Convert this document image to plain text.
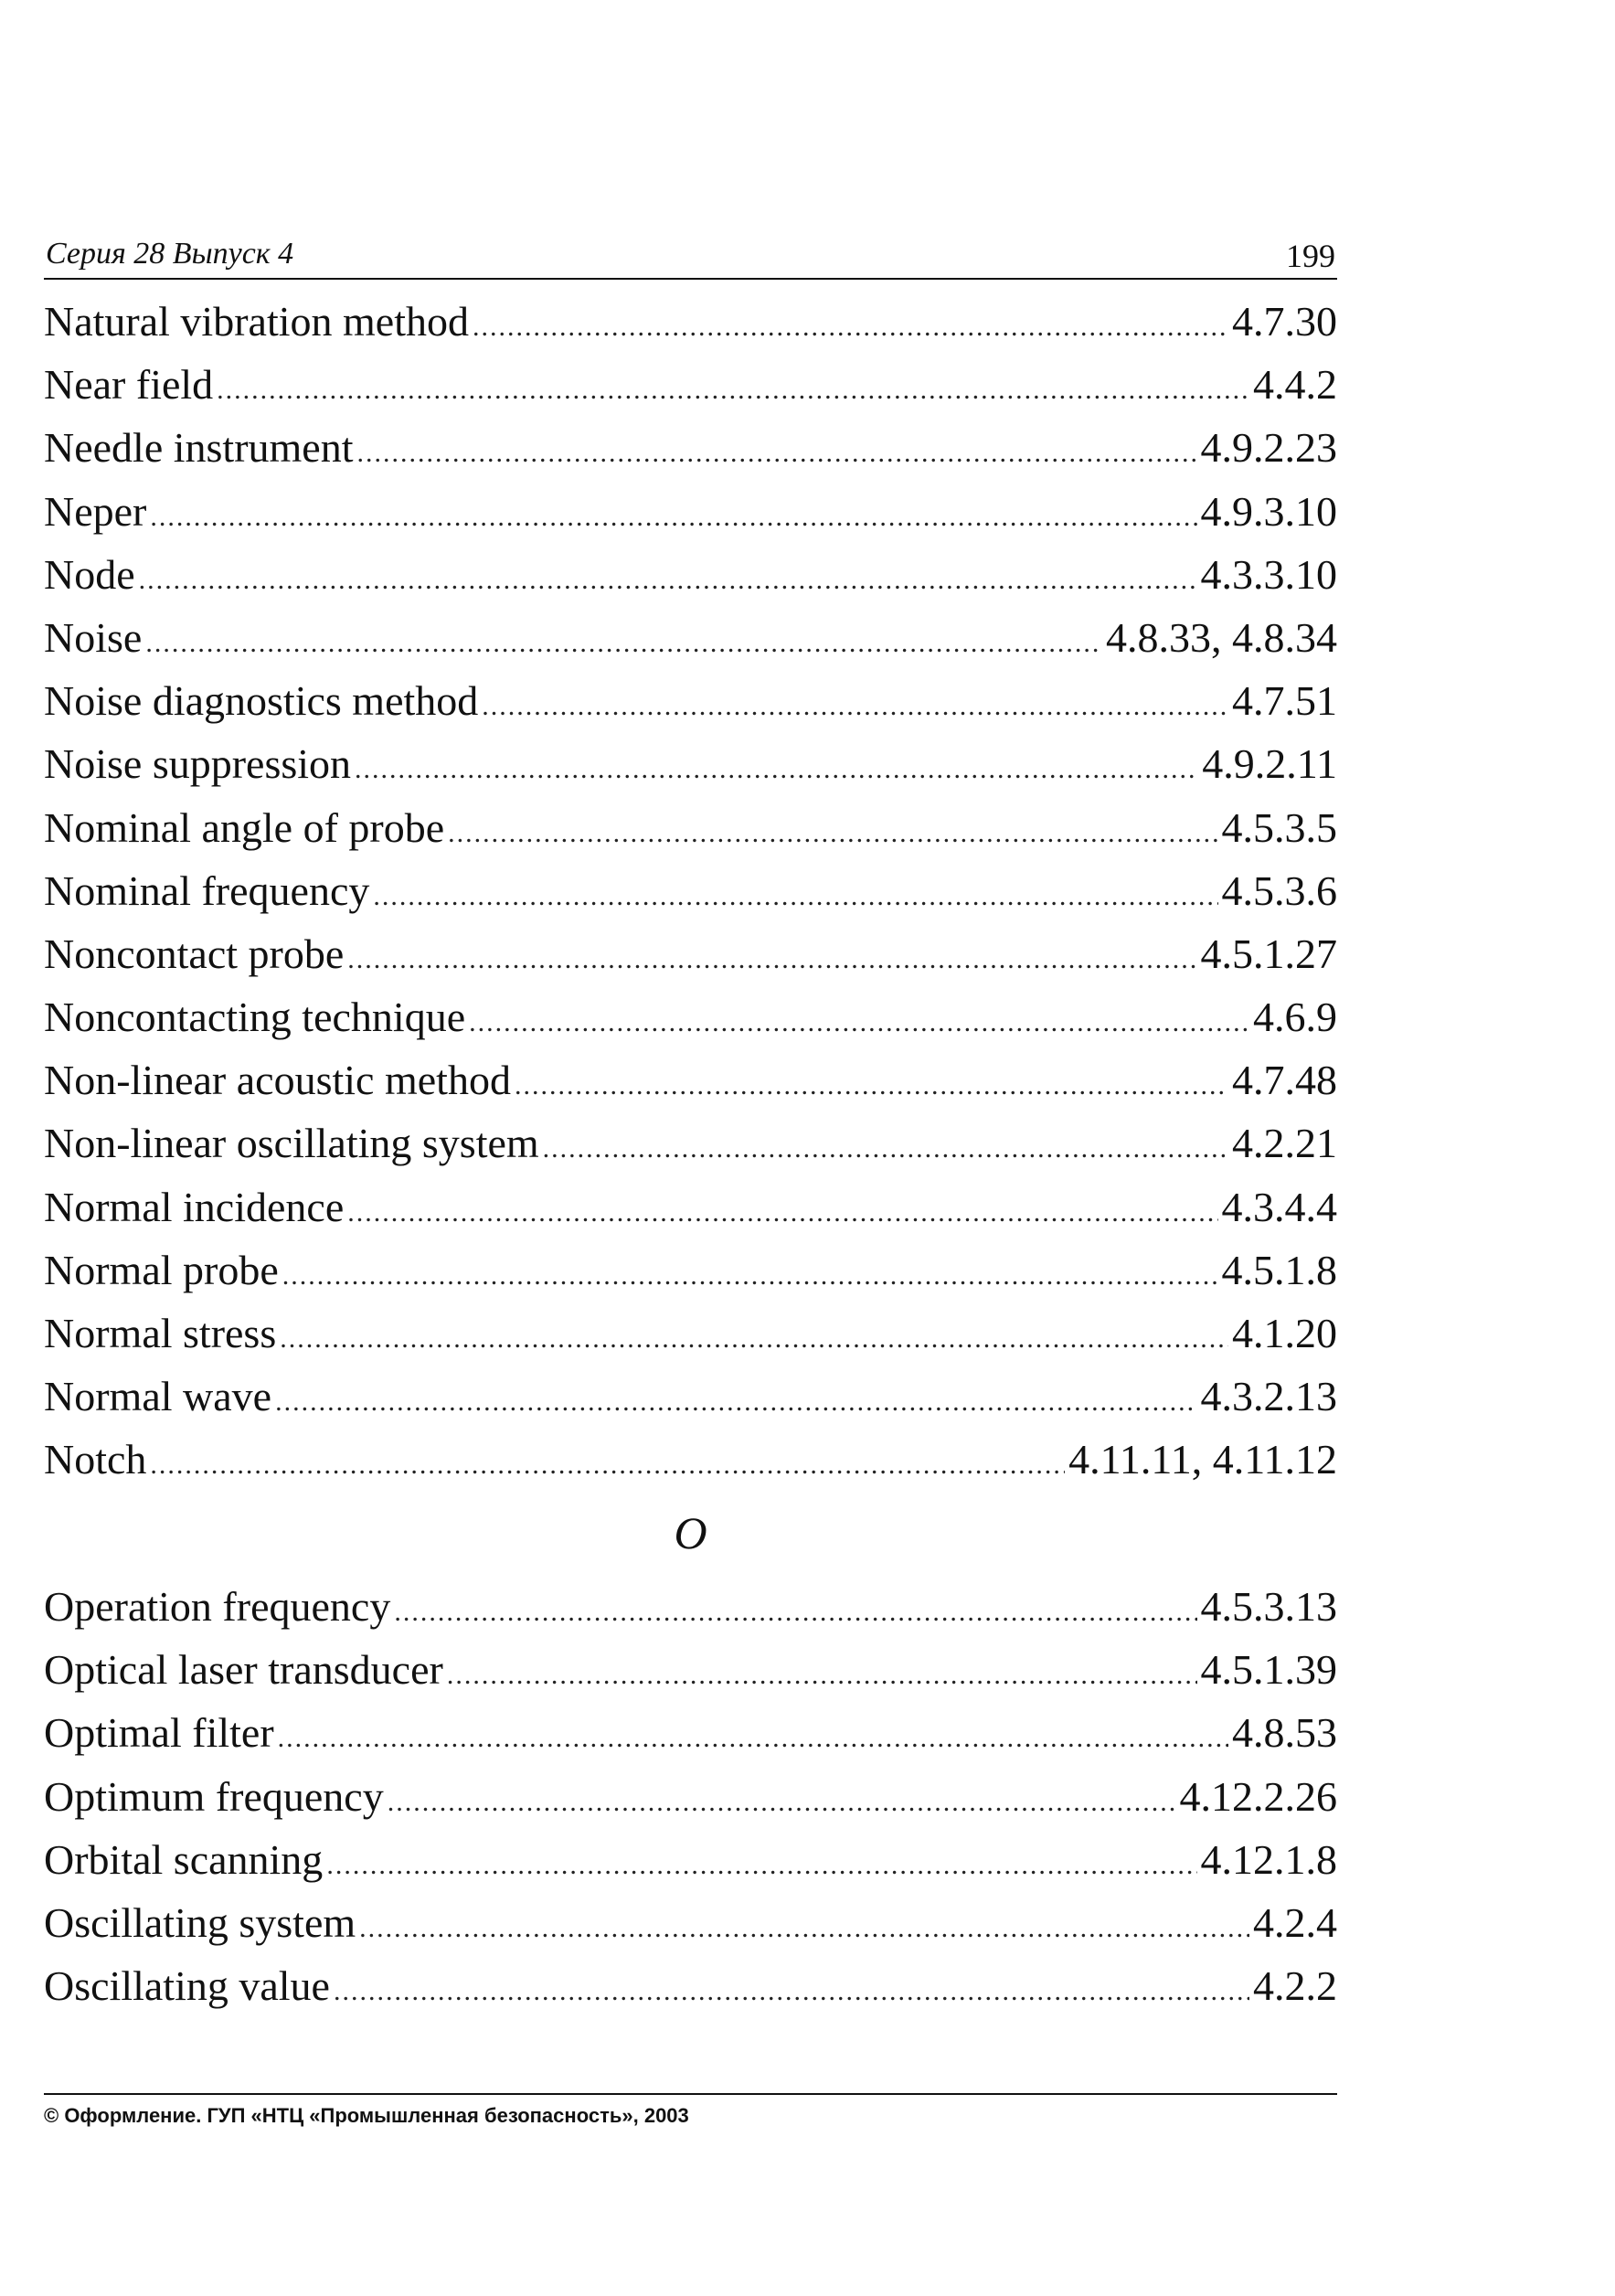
Серия 28 Выпуск 4	199
Natural vibration method .....	4.7.30
Near field .....	4.4.2
Needle instrument .....	4.9.2.23
Neper .....	4.9.3.10
Node .....	4.3.3.10
Noise .....	4.8.33, 4.8.34
Noise diagnostics method .....	4.7.51
Noise suppression .....	4.9.2.11
Nominal angle of probe .....	4.5.3.5
Nominal frequency .....	4.5.3.6
Noncontact probe .....	4.5.1.27
Noncontacting technique .....	4.6.9
Non-linear acoustic method .....	4.7.48
Non-linear oscillating system .....	4.2.21
Normal incidence .....	4.3.4.4
Normal probe .....	4.5.1.8
Normal stress .....	4.1.20
Normal wave .....	4.3.2.13
Notch .....	4.11.11, 4.11.12
O
Operation frequency .....	4.5.3.13
Optical laser transducer .....	4.5.1.39
Optimal filter .....	4.8.53
Optimum frequency .....	4.12.2.26
Orbital scanning .....	4.12.1.8
Oscillating system .....	4.2.4
Oscillating value .....	4.2.2
© Оформление. ГУП «НТЦ «Промышленная безопасность», 2003
